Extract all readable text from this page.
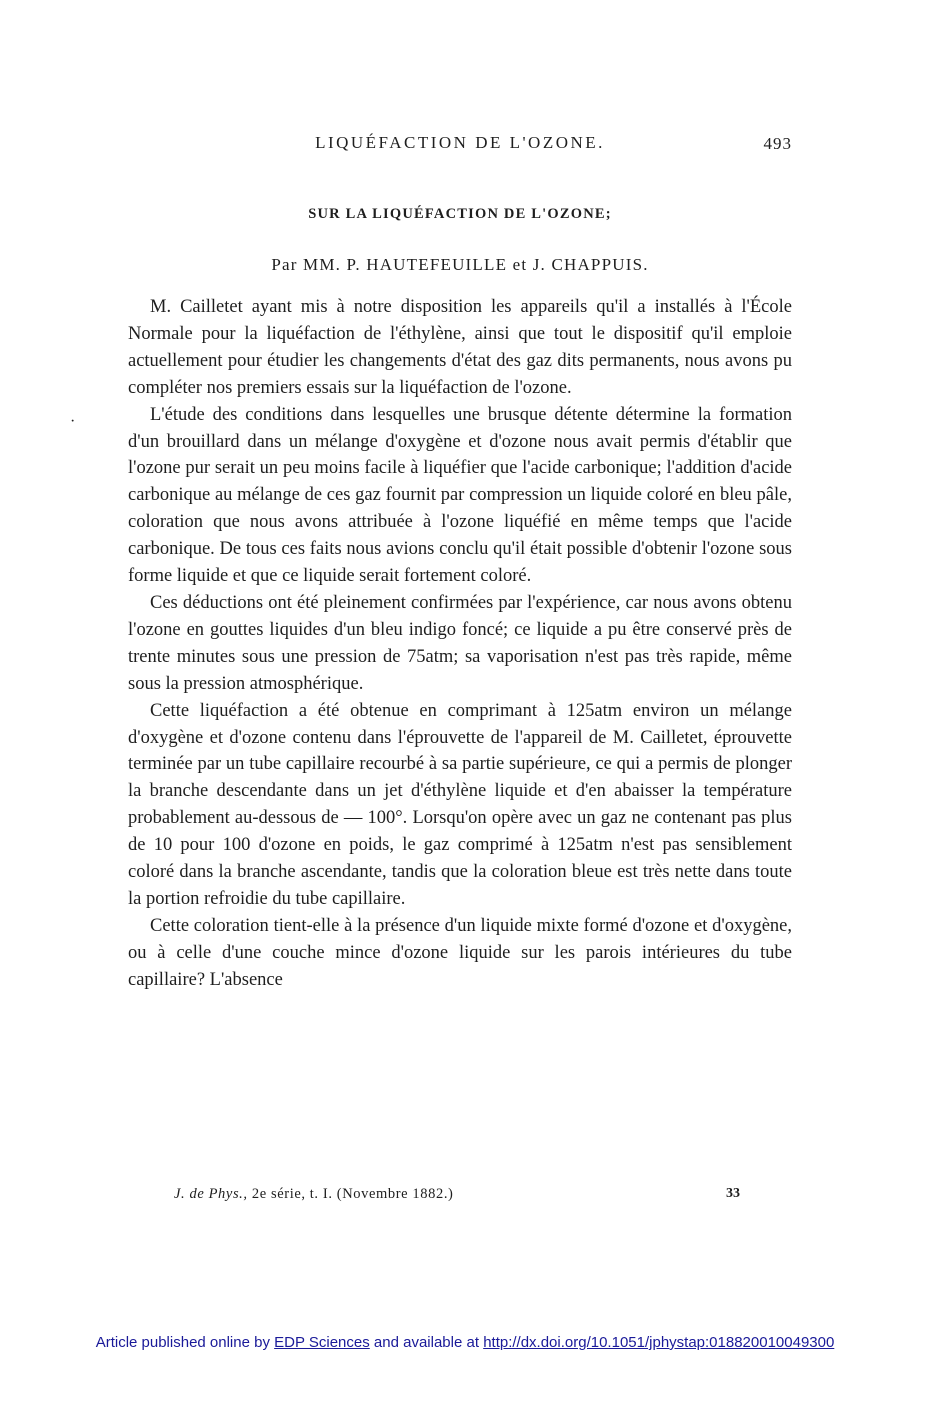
LIQUÉFACTION DE L'OZONE.	493
SUR LA LIQUÉFACTION DE L'OZONE;
Par MM. P. HAUTEFEUILLE et J. CHAPPUIS.
·

M. Cailletet ayant mis à notre disposition les appareils qu'il a installés à l'École Normale pour la liquéfaction de l'éthylène, ainsi que tout le dispositif qu'il emploie actuellement pour étudier les changements d'état des gaz dits permanents, nous avons pu compléter nos premiers essais sur la liquéfaction de l'ozone.

L'étude des conditions dans lesquelles une brusque détente détermine la formation d'un brouillard dans un mélange d'oxygène et d'ozone nous avait permis d'établir que l'ozone pur serait un peu moins facile à liquéfier que l'acide carbonique; l'addition d'acide carbonique au mélange de ces gaz fournit par compression un liquide coloré en bleu pâle, coloration que nous avons attribuée à l'ozone liquéfié en même temps que l'acide carbonique. De tous ces faits nous avions conclu qu'il était possible d'obtenir l'ozone sous forme liquide et que ce liquide serait fortement coloré.

Ces déductions ont été pleinement confirmées par l'expérience, car nous avons obtenu l'ozone en gouttes liquides d'un bleu indigo foncé; ce liquide a pu être conservé près de trente minutes sous une pression de 75atm; sa vaporisation n'est pas très rapide, même sous la pression atmosphérique.

Cette liquéfaction a été obtenue en comprimant à 125atm environ un mélange d'oxygène et d'ozone contenu dans l'éprouvette de l'appareil de M. Cailletet, éprouvette terminée par un tube capillaire recourbé à sa partie supérieure, ce qui a permis de plonger la branche descendante dans un jet d'éthylène liquide et d'en abaisser la température probablement au-dessous de — 100°. Lorsqu'on opère avec un gaz ne contenant pas plus de 10 pour 100 d'ozone en poids, le gaz comprimé à 125atm n'est pas sensiblement coloré dans la branche ascendante, tandis que la coloration bleue est très nette dans toute la portion refroidie du tube capillaire.

Cette coloration tient-elle à la présence d'un liquide mixte formé d'ozone et d'oxygène, ou à celle d'une couche mince d'ozone liquide sur les parois intérieures du tube capillaire? L'absence

J. de Phys., 2e série, t. I. (Novembre 1882.)	33
Article published online by EDP Sciences and available at http://dx.doi.org/10.1051/jphystap:018820010049300
